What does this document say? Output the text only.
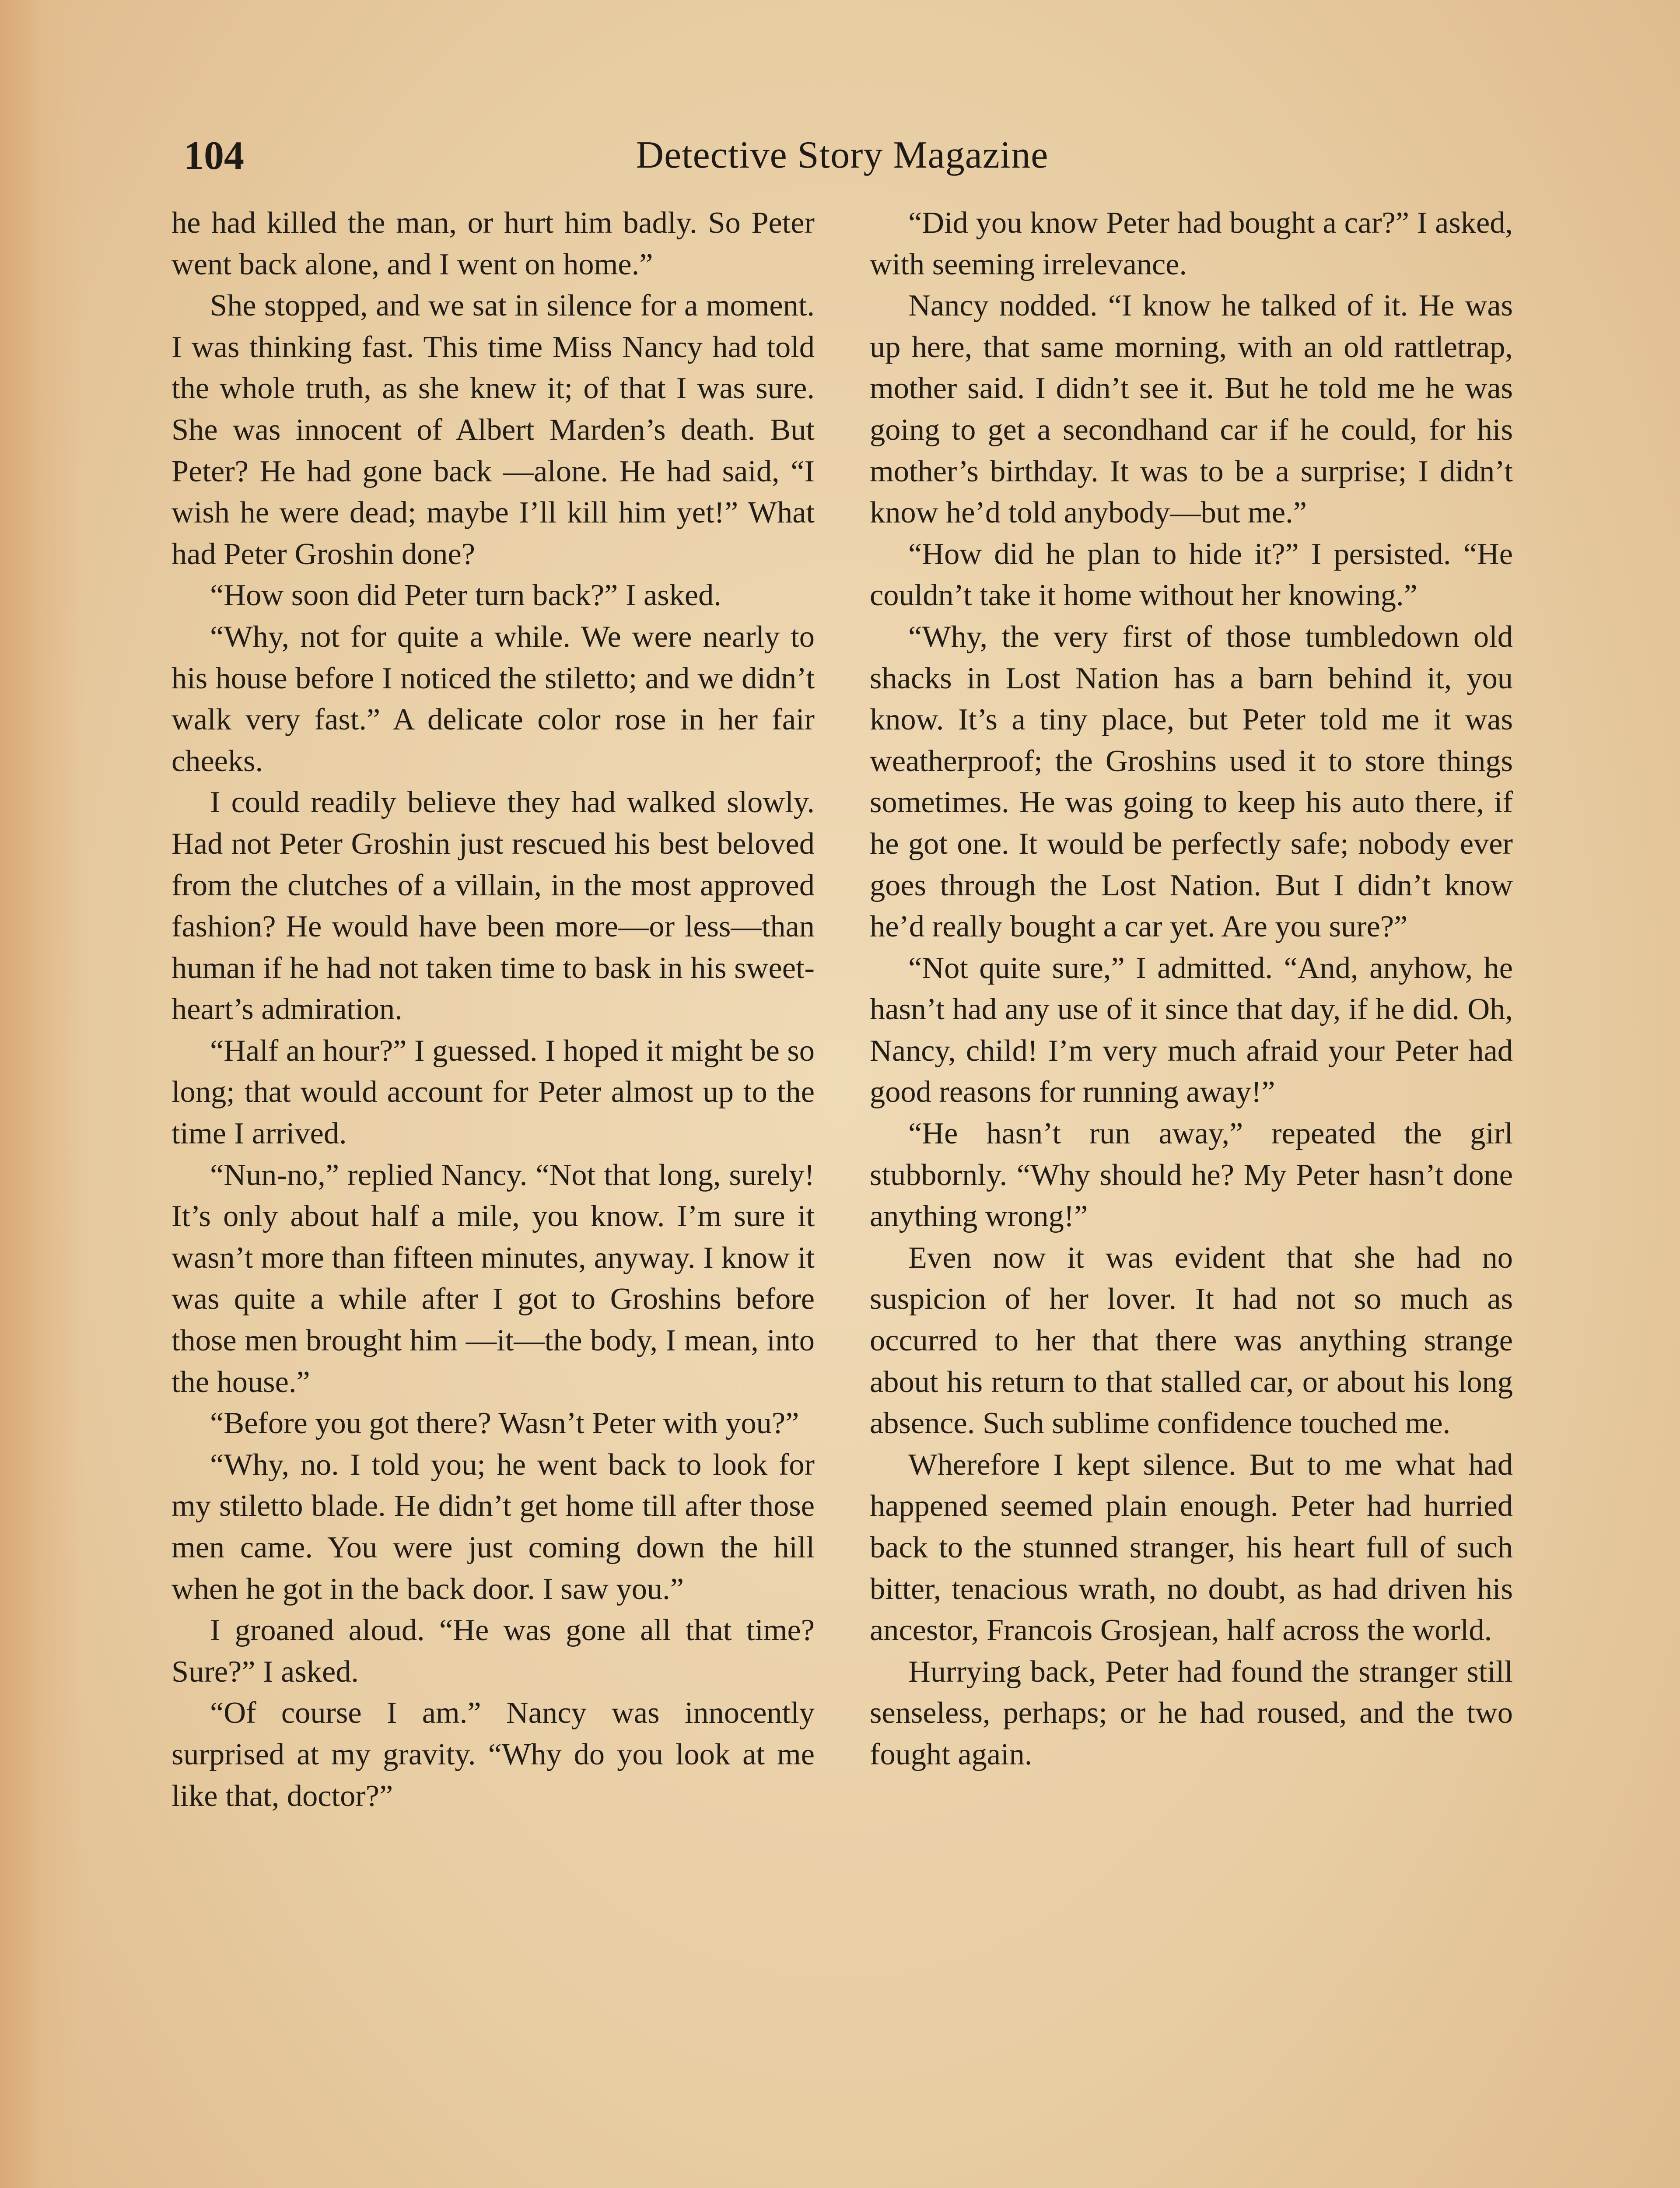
104	Detective Story Magazine

he had killed the man, or hurt him badly. So Peter went back alone, and I went on home.”

She stopped, and we sat in silence for a moment. I was thinking fast. This time Miss Nancy had told the whole truth, as she knew it; of that I was sure. She was innocent of Albert Marden’s death. But Peter? He had gone back —alone. He had said, “I wish he were dead; maybe I’ll kill him yet!” What had Peter Groshin done?

“How soon did Peter turn back?” I asked.

“Why, not for quite a while. We were nearly to his house before I noticed the stiletto; and we didn’t walk very fast.” A delicate color rose in her fair cheeks.

I could readily believe they had walked slowly. Had not Peter Groshin just rescued his best beloved from the clutches of a villain, in the most approved fashion? He would have been more—or less—than human if he had not taken time to bask in his sweetheart’s admiration.

“Half an hour?” I guessed. I hoped it might be so long; that would account for Peter almost up to the time I arrived.

“Nun-no,” replied Nancy. “Not that long, surely! It’s only about half a mile, you know. I’m sure it wasn’t more than fifteen minutes, anyway. I know it was quite a while after I got to Groshins before those men brought him —it—the body, I mean, into the house.”

“Before you got there? Wasn’t Peter with you?”

“Why, no. I told you; he went back to look for my stiletto blade. He didn’t get home till after those men came. You were just coming down the hill when he got in the back door. I saw you.”

I groaned aloud. “He was gone all that time? Sure?” I asked.

“Of course I am.” Nancy was innocently surprised at my gravity. “Why do you look at me like that, doctor?”

“Did you know Peter had bought a car?” I asked, with seeming irrelevance.

Nancy nodded. “I know he talked of it. He was up here, that same morning, with an old rattletrap, mother said. I didn’t see it. But he told me he was going to get a secondhand car if he could, for his mother’s birthday. It was to be a surprise; I didn’t know he’d told anybody—but me.”

“How did he plan to hide it?” I persisted. “He couldn’t take it home without her knowing.”

“Why, the very first of those tumbledown old shacks in Lost Nation has a barn behind it, you know. It’s a tiny place, but Peter told me it was weatherproof; the Groshins used it to store things sometimes. He was going to keep his auto there, if he got one. It would be perfectly safe; nobody ever goes through the Lost Nation. But I didn’t know he’d really bought a car yet. Are you sure?”

“Not quite sure,” I admitted. “And, anyhow, he hasn’t had any use of it since that day, if he did. Oh, Nancy, child! I’m very much afraid your Peter had good reasons for running away!”

“He hasn’t run away,” repeated the girl stubbornly. “Why should he? My Peter hasn’t done anything wrong!”

Even now it was evident that she had no suspicion of her lover. It had not so much as occurred to her that there was anything strange about his return to that stalled car, or about his long absence. Such sublime confidence touched me.

Wherefore I kept silence. But to me what had happened seemed plain enough. Peter had hurried back to the stunned stranger, his heart full of such bitter, tenacious wrath, no doubt, as had driven his ancestor, Francois Grosjean, half across the world.

Hurrying back, Peter had found the stranger still senseless, perhaps; or he had roused, and the two fought again.
